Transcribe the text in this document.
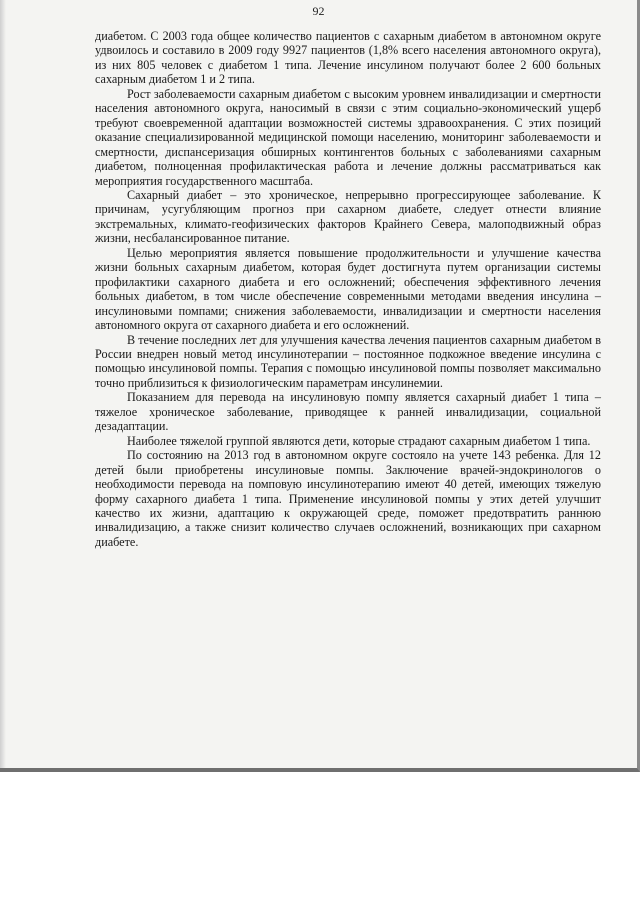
92

диабетом. С 2003 года общее количество пациентов с сахарным диабетом в автономном округе удвоилось и составило в 2009 году 9927 пациентов (1,8% всего населения автономного округа), из них 805 человек с диабетом 1 типа. Лечение инсулином получают более 2 600 больных сахарным диабетом 1 и 2 типа.

Рост заболеваемости сахарным диабетом с высоким уровнем инвалидизации и смертности населения автономного округа, наносимый в связи с этим социально-экономический ущерб требуют своевременной адаптации возможностей системы здравоохранения. С этих позиций оказание специализированной медицинской помощи населению, мониторинг заболеваемости и смертности, диспансеризация обширных контингентов больных с заболеваниями сахарным диабетом, полноценная профилактическая работа и лечение должны рассматриваться как мероприятия государственного масштаба.

Сахарный диабет – это хроническое, непрерывно прогрессирующее заболевание. К причинам, усугубляющим прогноз при сахарном диабете, следует отнести влияние экстремальных, климато-геофизических факторов Крайнего Севера, малоподвижный образ жизни, несбалансированное питание.

Целью мероприятия является повышение продолжительности и улучшение качества жизни больных сахарным диабетом, которая будет достигнута путем организации системы профилактики сахарного диабета и его осложнений; обеспечения эффективного лечения больных диабетом, в том числе обеспечение современными методами введения инсулина – инсулиновыми помпами; снижения заболеваемости, инвалидизации и смертности населения автономного округа от сахарного диабета и его осложнений.

В течение последних лет для улучшения качества лечения пациентов сахарным диабетом в России внедрен новый метод инсулинотерапии – постоянное подкожное введение инсулина с помощью инсулиновой помпы. Терапия с помощью инсулиновой помпы позволяет максимально точно приблизиться к физиологическим параметрам инсулинемии.

Показанием для перевода на инсулиновую помпу является сахарный диабет 1 типа – тяжелое хроническое заболевание, приводящее к ранней инвалидизации, социальной дезадаптации.

Наиболее тяжелой группой являются дети, которые страдают сахарным диабетом 1 типа.

По состоянию на 2013 год в автономном округе состояло на учете 143 ребенка. Для 12 детей были приобретены инсулиновые помпы. Заключение врачей-эндокринологов о необходимости перевода на помповую инсулинотерапию имеют 40 детей, имеющих тяжелую форму сахарного диабета 1 типа. Применение инсулиновой помпы у этих детей улучшит качество их жизни, адаптацию к окружающей среде, поможет предотвратить раннюю инвалидизацию, а также снизит количество случаев осложнений, возникающих при сахарном диабете.
